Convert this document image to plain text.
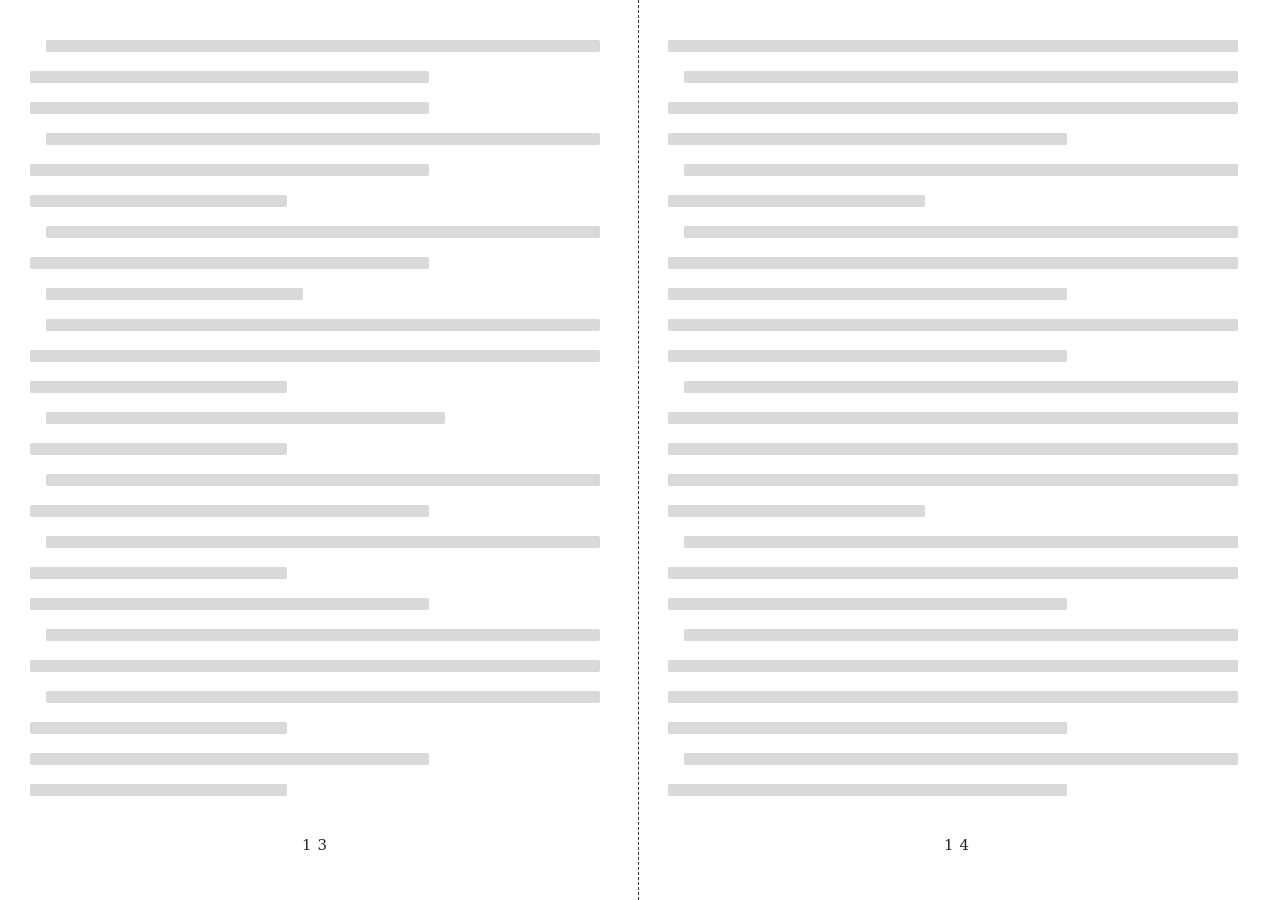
13	14
